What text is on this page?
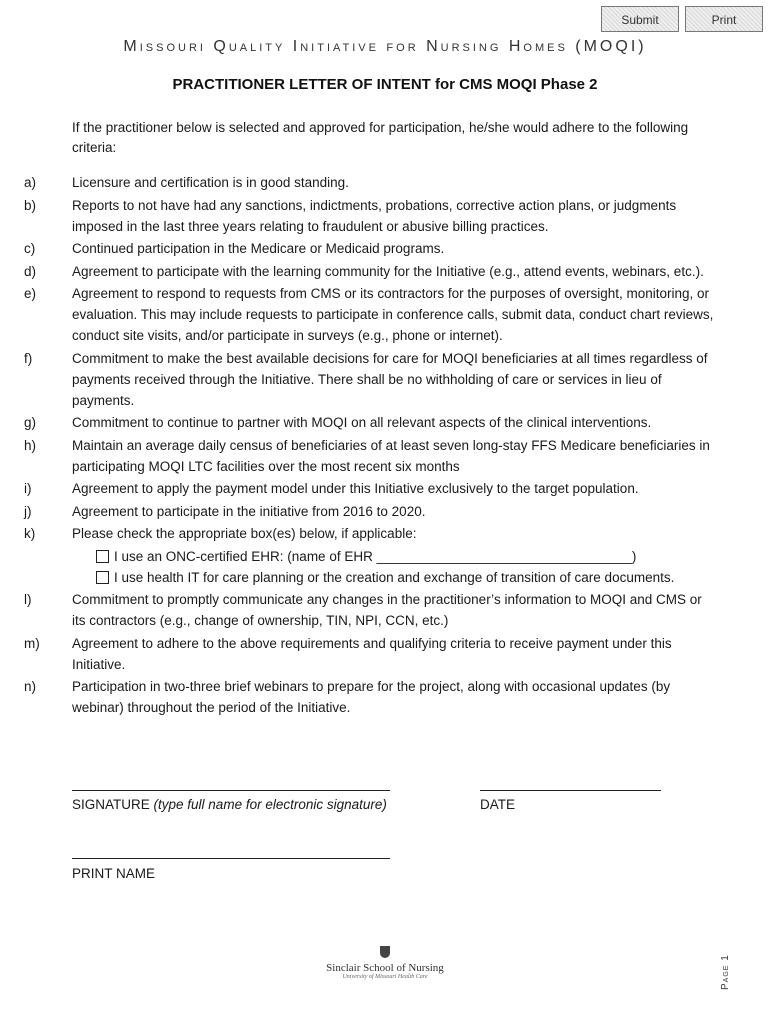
Submit	Print
Missouri Quality Initiative for Nursing Homes (MOQI)
PRACTITIONER LETTER OF INTENT for CMS MOQI Phase 2
If the practitioner below is selected and approved for participation, he/she would adhere to the following criteria:
a)	Licensure and certification is in good standing.
b)	Reports to not have had any sanctions, indictments, probations, corrective action plans, or judgments imposed in the last three years relating to fraudulent or abusive billing practices.
c)	Continued participation in the Medicare or Medicaid programs.
d)	Agreement to participate with the learning community for the Initiative (e.g., attend events, webinars, etc.).
e)	Agreement to respond to requests from CMS or its contractors for the purposes of oversight, monitoring, or evaluation. This may include requests to participate in conference calls, submit data, conduct chart reviews, conduct site visits, and/or participate in surveys (e.g., phone or internet).
f)	Commitment to make the best available decisions for care for MOQI beneficiaries at all times regardless of payments received through the Initiative. There shall be no withholding of care or services in lieu of payments.
g)	Commitment to continue to partner with MOQI on all relevant aspects of the clinical interventions.
h)	Maintain an average daily census of beneficiaries of at least seven long-stay FFS Medicare beneficiaries in participating MOQI LTC facilities over the most recent six months
i)	Agreement to apply the payment model under this Initiative exclusively to the target population.
j)	Agreement to participate in the initiative from 2016 to 2020.
k)	Please check the appropriate box(es) below, if applicable:
I use an ONC-certified EHR: (name of EHR __________________________________)
I use health IT for care planning or the creation and exchange of transition of care documents.
l)	Commitment to promptly communicate any changes in the practitioner’s information to MOQI and CMS or its contractors (e.g., change of ownership, TIN, NPI, CCN, etc.)
m) Agreement to adhere to the above requirements and qualifying criteria to receive payment under this Initiative.
n)	Participation in two-three brief webinars to prepare for the project, along with occasional updates (by webinar) throughout the period of the Initiative.
SIGNATURE (type full name for electronic signature)	DATE
PRINT NAME
Sinclair School of Nursing
University of Missouri Health Care	Page 1
